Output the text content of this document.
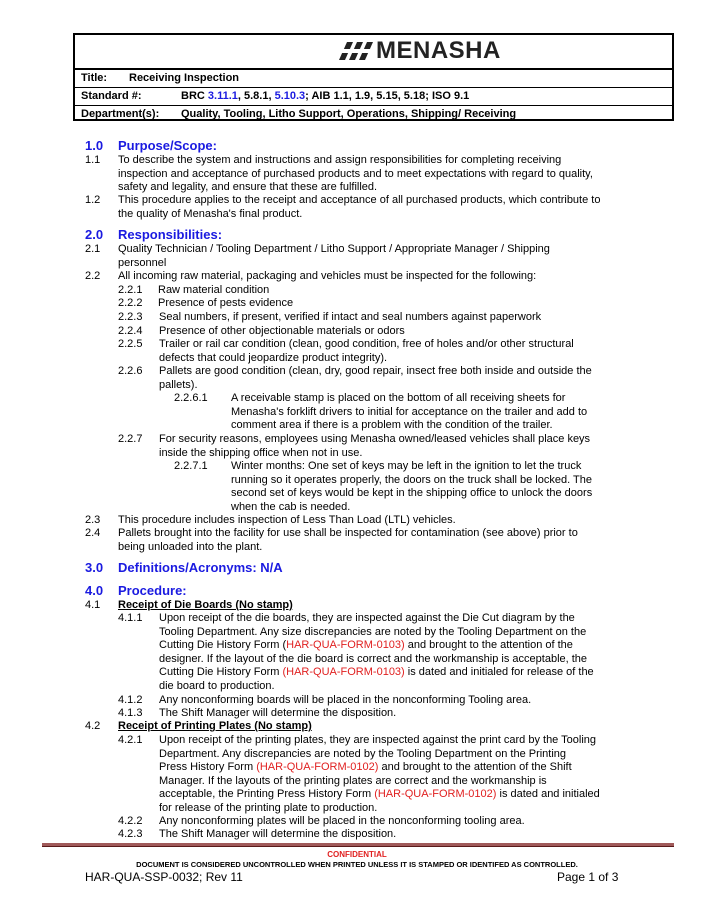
MENASHA
Title: Receiving Inspection
Standard #:	BRC 3.11.1, 5.8.1, 5.10.3; AIB 1.1, 1.9, 5.15, 5.18; ISO 9.1
Department(s): Quality, Tooling, Litho Support, Operations, Shipping/ Receiving
1.0 Purpose/Scope:
1.1 To describe the system and instructions and assign responsibilities for completing receiving
inspection and acceptance of purchased products and to meet expectations with regard to quality,
safety and legality, and ensure that these are fulfilled.
1.2 This procedure applies to the receipt and acceptance of all purchased products, which contribute to
the quality of Menasha's final product.
2.0 Responsibilities:
2.1 Quality Technician / Tooling Department / Litho Support / Appropriate Manager / Shipping
personnel
2.2 All incoming raw material, packaging and vehicles must be inspected for the following:
2.2.1 Raw material condition
2.2.2 Presence of pests evidence
2.2.3 Seal numbers, if present, verified if intact and seal numbers against paperwork
2.2.4 Presence of other objectionable materials or odors
2.2.5 Trailer or rail car condition (clean, good condition, free of holes and/or other structural
defects that could jeopardize product integrity).
2.2.6 Pallets are good condition (clean, dry, good repair, insect free both inside and outside the
pallets).
2.2.6.1 A receivable stamp is placed on the bottom of all receiving sheets for
Menasha's forklift drivers to initial for acceptance on the trailer and add to
comment area if there is a problem with the condition of the trailer.
2.2.7 For security reasons, employees using Menasha owned/leased vehicles shall place keys
inside the shipping office when not in use.
2.2.7.1 Winter months: One set of keys may be left in the ignition to let the truck
running so it operates properly, the doors on the truck shall be locked. The
second set of keys would be kept in the shipping office to unlock the doors
when the cab is needed.
2.3 This procedure includes inspection of Less Than Load (LTL) vehicles.
2.4 Pallets brought into the facility for use shall be inspected for contamination (see above) prior to
being unloaded into the plant.
3.0 Definitions/Acronyms: N/A
4.0 Procedure:
4.1 Receipt of Die Boards (No stamp)
4.1.1 Upon receipt of the die boards, they are inspected against the Die Cut diagram by the
Tooling Department. Any size discrepancies are noted by the Tooling Department on the
Cutting Die History Form (HAR-QUA-FORM-0103) and brought to the attention of the
designer. If the layout of the die board is correct and the workmanship is acceptable, the
Cutting Die History Form (HAR-QUA-FORM-0103) is dated and initialed for release of the
die board to production.
4.1.2 Any nonconforming boards will be placed in the nonconforming Tooling area.
4.1.3 The Shift Manager will determine the disposition.
4.2 Receipt of Printing Plates (No stamp)
4.2.1 Upon receipt of the printing plates, they are inspected against the print card by the Tooling
Department. Any discrepancies are noted by the Tooling Department on the Printing
Press History Form (HAR-QUA-FORM-0102) and brought to the attention of the Shift
Manager. If the layouts of the printing plates are correct and the workmanship is
acceptable, the Printing Press History Form (HAR-QUA-FORM-0102) is dated and initialed
for release of the printing plate to production.
4.2.2 Any nonconforming plates will be placed in the nonconforming tooling area.
4.2.3 The Shift Manager will determine the disposition.
CONFIDENTIAL
DOCUMENT IS CONSIDERED UNCONTROLLED WHEN PRINTED UNLESS IT IS STAMPED OR IDENTIFED AS CONTROLLED.
HAR-QUA-SSP-0032; Rev 11	Page 1 of 3
